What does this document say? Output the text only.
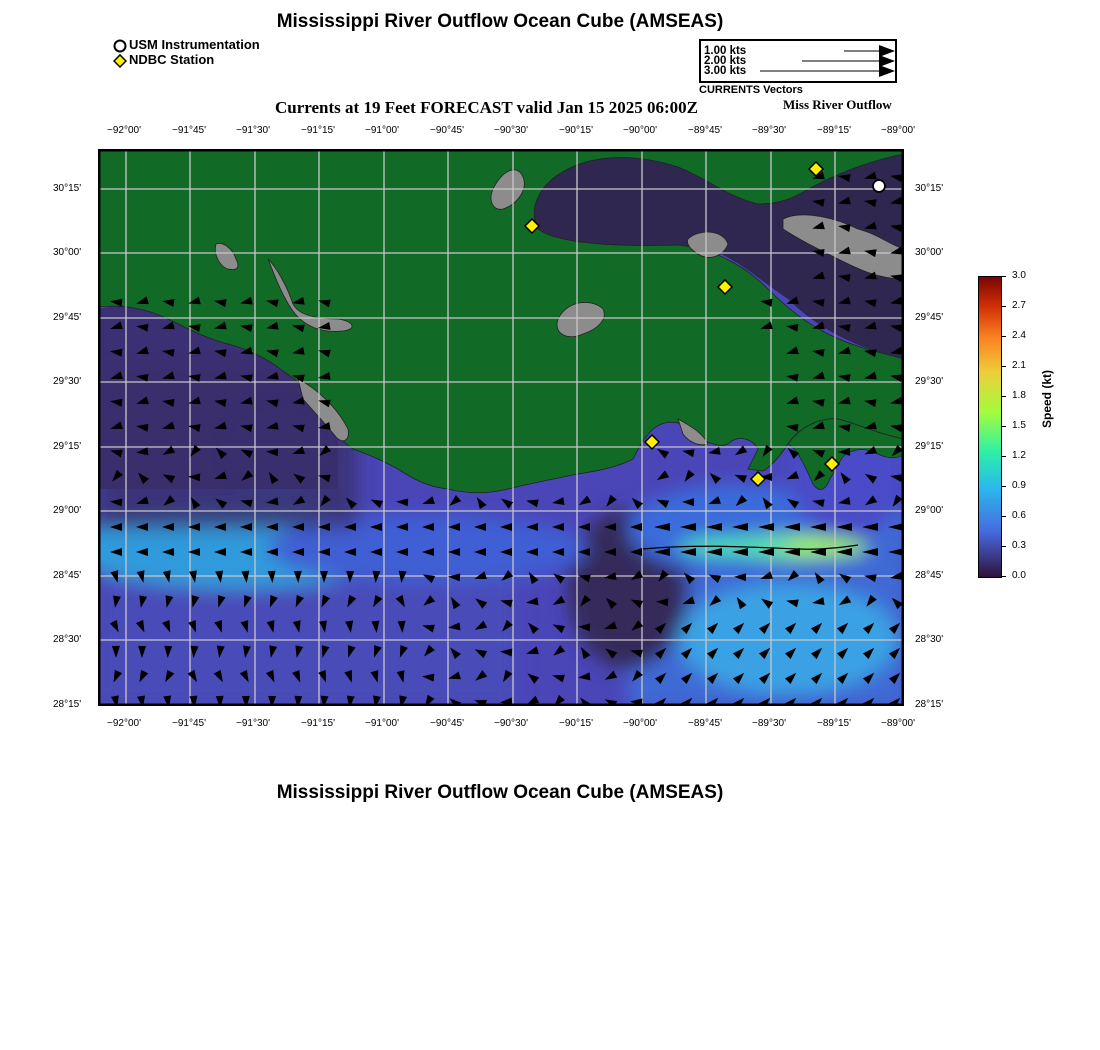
Mississippi River Outflow Ocean Cube (AMSEAS)
USM Instrumentation
NDBC Station
1.00 kts
2.00 kts
3.00 kts
CURRENTS Vectors
Currents at 19 Feet FORECAST valid Jan 15 2025 06:00Z	Miss River Outflow
−92°00'	−91°45'	−91°30'	−91°15'	−91°00'	−90°45'	−90°30'	−90°15'	−90°00'	−89°45'	−89°30'	−89°15'	−89°00'
−92°00'	−91°45'	−91°30'	−91°15'	−91°00'	−90°45'	−90°30'	−90°15'	−90°00'	−89°45'	−89°30'	−89°15'	−89°00'
30°15'
30°00'
29°45'
29°30'
29°15'
29°00'
28°45'
28°30'
28°15'
30°15'
30°00'
29°45'
29°30'
29°15'
29°00'
28°45'
28°30'
28°15'
3.0
2.7
2.4
2.1
1.8
1.5
1.2
0.9
0.6
0.3
0.0
Speed (kt)
Mississippi River Outflow Ocean Cube (AMSEAS)
